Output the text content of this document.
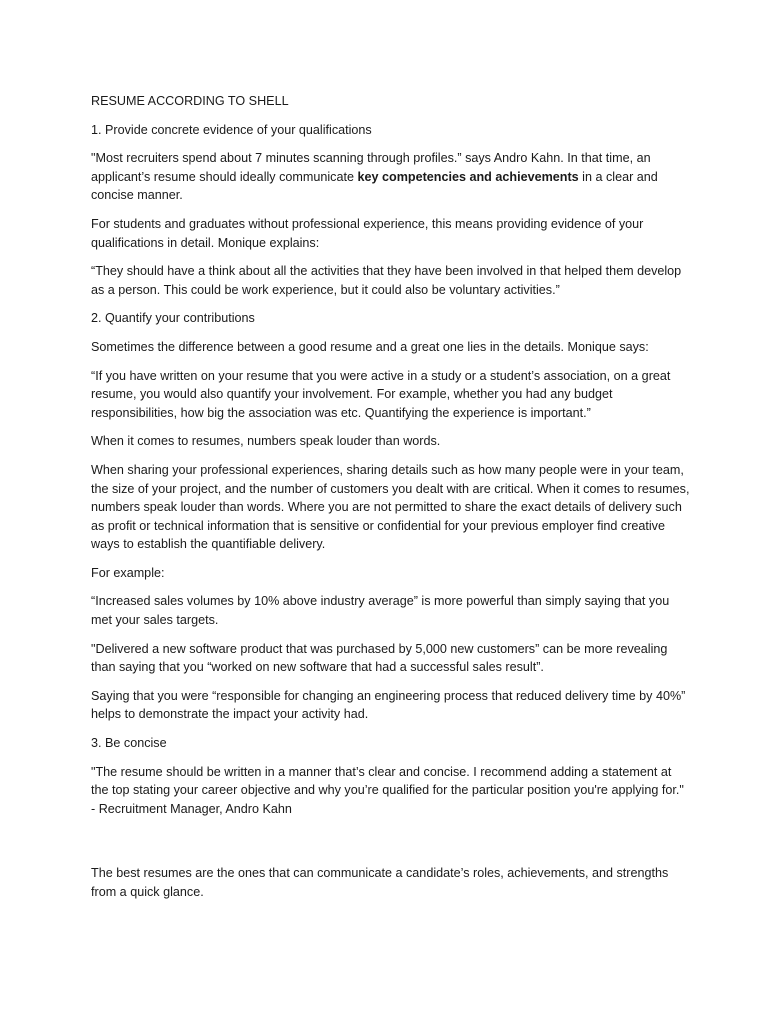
RESUME ACCORDING TO SHELL

1. Provide concrete evidence of your qualifications

"Most recruiters spend about 7 minutes scanning through profiles.” says Andro Kahn. In that time, an applicant’s resume should ideally communicate key competencies and achievements in a clear and concise manner.

For students and graduates without professional experience, this means providing evidence of your qualifications in detail. Monique explains:

“They should have a think about all the activities that they have been involved in that helped them develop as a person. This could be work experience, but it could also be voluntary activities.”

2. Quantify your contributions

Sometimes the difference between a good resume and a great one lies in the details. Monique says:

“If you have written on your resume that you were active in a study or a student’s association, on a great resume, you would also quantify your involvement. For example, whether you had any budget responsibilities, how big the association was etc. Quantifying the experience is important.”

When it comes to resumes, numbers speak louder than words.

When sharing your professional experiences, sharing details such as how many people were in your team, the size of your project, and the number of customers you dealt with are critical. When it comes to resumes, numbers speak louder than words. Where you are not permitted to share the exact details of delivery such as profit or technical information that is sensitive or confidential for your previous employer find creative ways to establish the quantifiable delivery.

For example:

“Increased sales volumes by 10% above industry average” is more powerful than simply saying that you met your sales targets.

"Delivered a new software product that was purchased by 5,000 new customers” can be more revealing than saying that you “worked on new software that had a successful sales result”.

Saying that you were “responsible for changing an engineering process that reduced delivery time by 40%” helps to demonstrate the impact your activity had.

3. Be concise

"The resume should be written in a manner that’s clear and concise. I recommend adding a statement at the top stating your career objective and why you’re qualified for the particular position you're applying for." - Recruitment Manager, Andro Kahn

The best resumes are the ones that can communicate a candidate’s roles, achievements, and strengths from a quick glance.
